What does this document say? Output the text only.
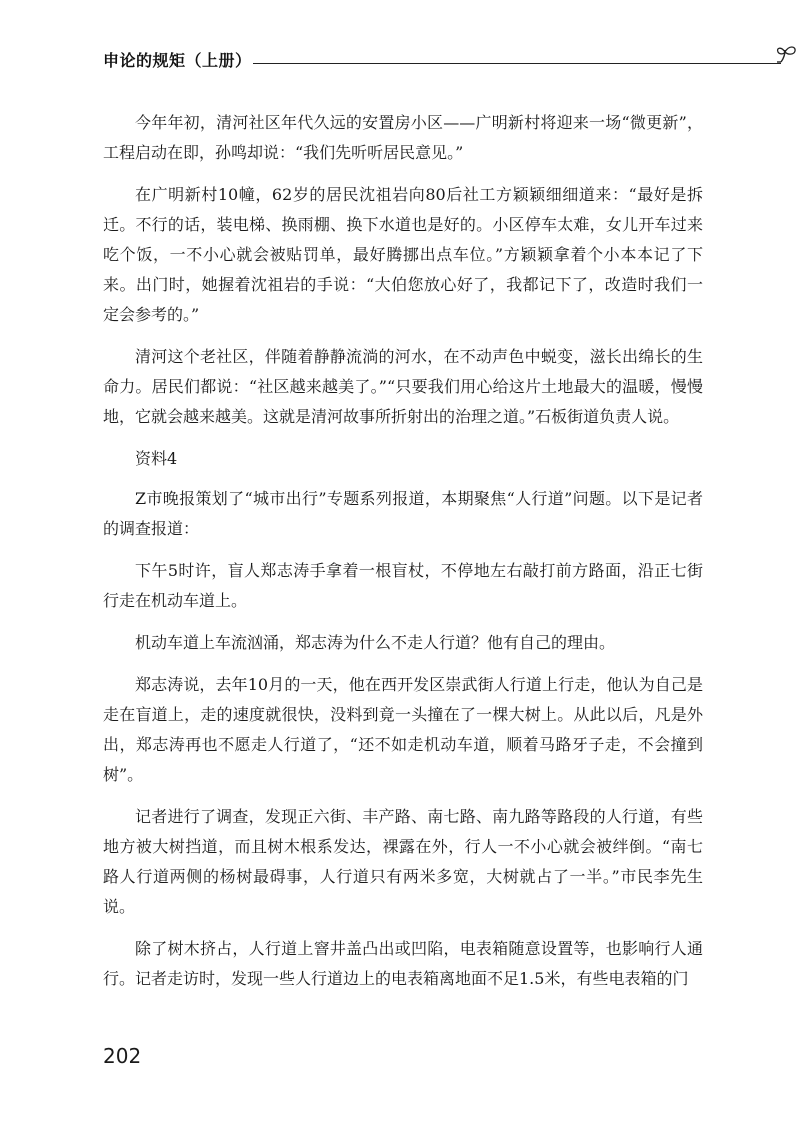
申论的规矩（上册）

今年年初，清河社区年代久远的安置房小区——广明新村将迎来一场“微更新”，工程启动在即，孙鸣却说：“我们先听听居民意见。”

在广明新村10幢，62岁的居民沈祖岩向80后社工方颖颖细细道来：“最好是拆迁。不行的话，装电梯、换雨棚、换下水道也是好的。小区停车太难，女儿开车过来吃个饭，一不小心就会被贴罚单，最好腾挪出点车位。”方颖颖拿着个小本本记了下来。出门时，她握着沈祖岩的手说：“大伯您放心好了，我都记下了，改造时我们一定会参考的。”

清河这个老社区，伴随着静静流淌的河水，在不动声色中蜕变，滋长出绵长的生命力。居民们都说：“社区越来越美了。”“只要我们用心给这片土地最大的温暖，慢慢地，它就会越来越美。这就是清河故事所折射出的治理之道。”石板街道负责人说。

资料4

Z市晚报策划了“城市出行”专题系列报道，本期聚焦“人行道”问题。以下是记者的调查报道：

下午5时许，盲人郑志涛手拿着一根盲杖，不停地左右敲打前方路面，沿正七街行走在机动车道上。

机动车道上车流汹涌，郑志涛为什么不走人行道？他有自己的理由。

郑志涛说，去年10月的一天，他在西开发区崇武街人行道上行走，他认为自己是走在盲道上，走的速度就很快，没料到竟一头撞在了一棵大树上。从此以后，凡是外出，郑志涛再也不愿走人行道了，“还不如走机动车道，顺着马路牙子走，不会撞到树”。

记者进行了调查，发现正六街、丰产路、南七路、南九路等路段的人行道，有些地方被大树挡道，而且树木根系发达，裸露在外，行人一不小心就会被绊倒。“南七路人行道两侧的杨树最碍事，人行道只有两米多宽，大树就占了一半。”市民李先生说。

除了树木挤占，人行道上窨井盖凸出或凹陷，电表箱随意设置等，也影响行人通行。记者走访时，发现一些人行道边上的电表箱离地面不足1.5米，有些电表箱的门

202
